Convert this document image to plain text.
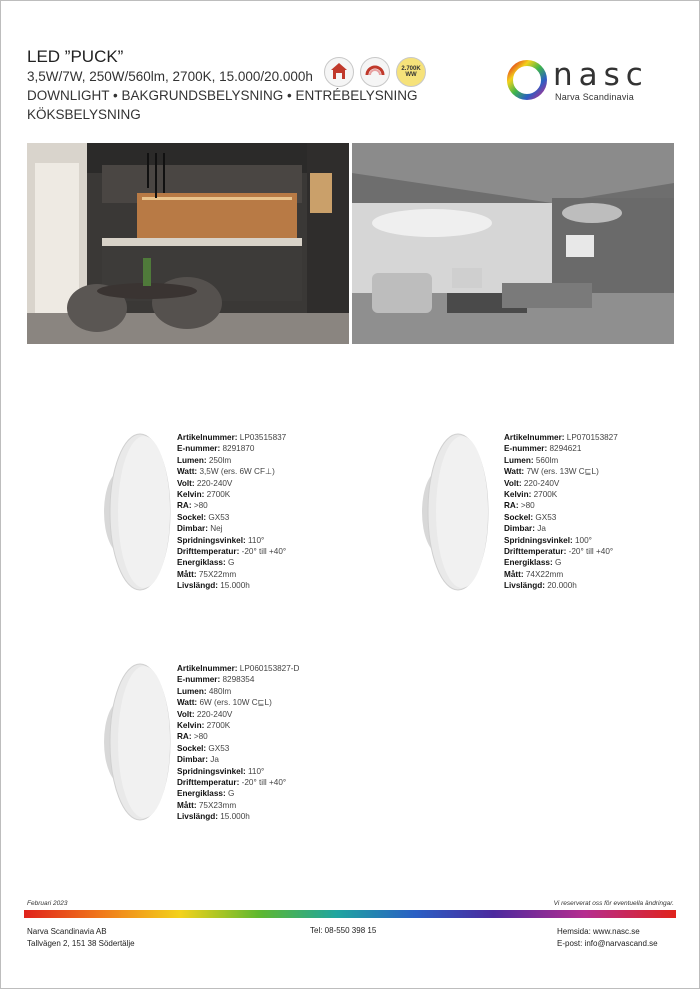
LED ”PUCK”
3,5W/7W, 250W/560lm, 2700K, 15.000/20.000h
DOWNLIGHT • BAKGRUNDSBELYSNING • ENTRÉBELYSNING
KÖKSBELYSNING
2.700K WW	nasc
Narva Scandinavia
Artikelnummer: LP03515837
E-nummer: 8291870
Lumen: 250lm
Watt: 3,5W (ers. 6W CF⊥)
Volt: 220-240V
Kelvin: 2700K
RA: >80
Sockel: GX53
Dimbar: Nej
Spridningsvinkel: 110°
Drifttemperatur: -20° till +40°
Energiklass: G
Mått: 75X22mm
Livslängd: 15.000h
Artikelnummer: LP070153827
E-nummer: 8294621
Lumen: 560lm
Watt: 7W (ers. 13W C⊑L)
Volt: 220-240V
Kelvin: 2700K
RA: >80
Sockel: GX53
Dimbar: Ja
Spridningsvinkel: 100°
Drifttemperatur: -20° till +40°
Energiklass: G
Mått: 74X22mm
Livslängd: 20.000h
Artikelnummer: LP060153827-D
E-nummer: 8298354
Lumen: 480lm
Watt: 6W (ers. 10W C⊑L)
Volt: 220-240V
Kelvin: 2700K
RA: >80
Sockel: GX53
Dimbar: Ja
Spridningsvinkel: 110°
Drifttemperatur: -20° till +40°
Energiklass: G
Mått: 75X23mm
Livslängd: 15.000h
Februari 2023	Vi reserverat oss för eventuella ändringar.
Narva Scandinavia AB
Tallvägen 2, 151 38 Södertälje
Tel: 08-550 398 15	Hemsida: www.nasc.se
E-post: info@narvascand.se
